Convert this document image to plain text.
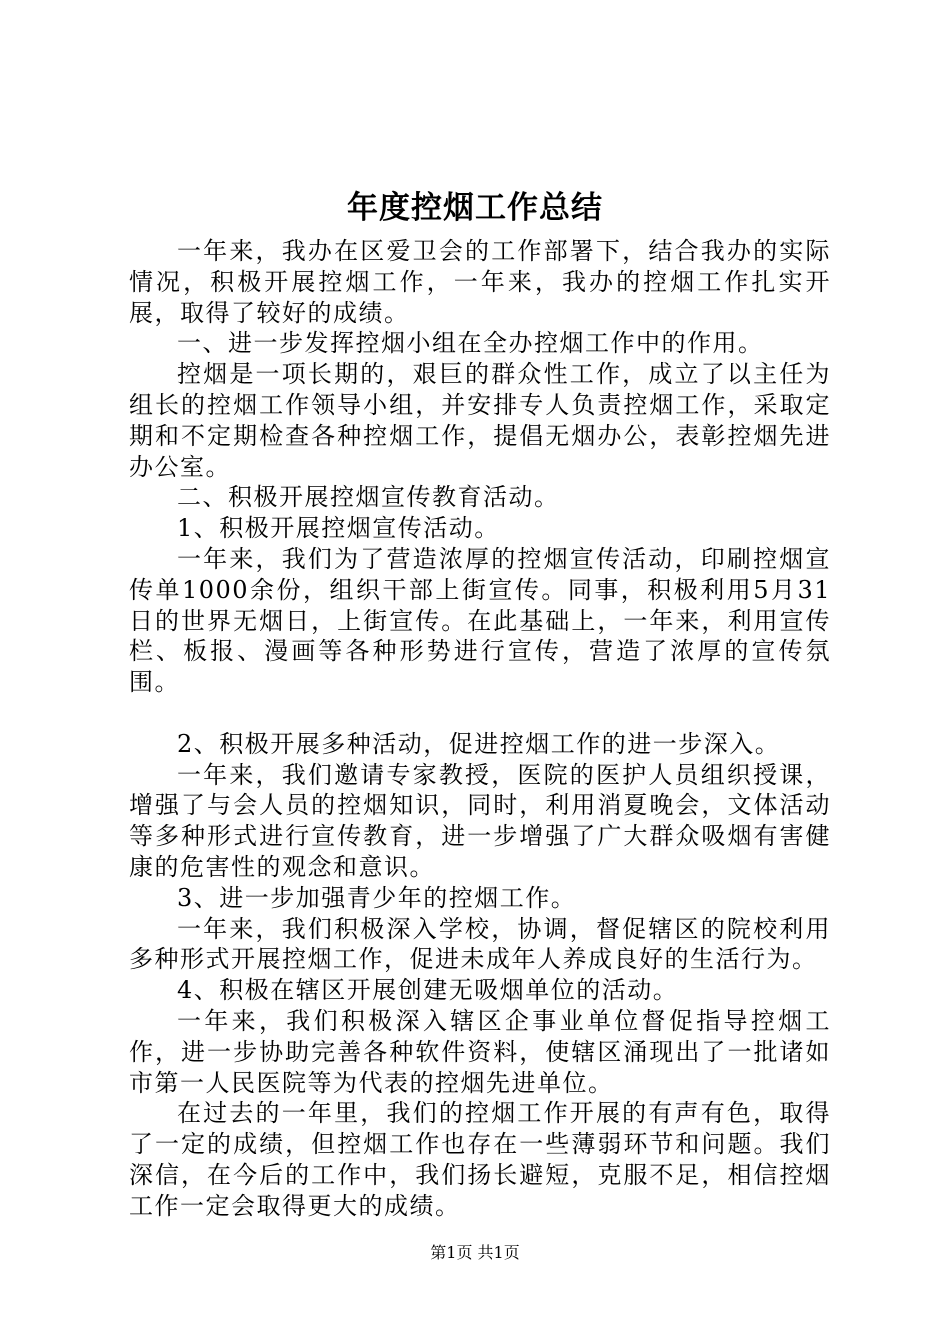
年度控烟工作总结

一年来，我办在区爱卫会的工作部署下，结合我办的实际情况，积极开展控烟工作，一年来，我办的控烟工作扎实开展，取得了较好的成绩。

一、进一步发挥控烟小组在全办控烟工作中的作用。

控烟是一项长期的，艰巨的群众性工作，成立了以主任为组长的控烟工作领导小组，并安排专人负责控烟工作，采取定期和不定期检查各种控烟工作，提倡无烟办公，表彰控烟先进办公室。

二、积极开展控烟宣传教育活动。

1、积极开展控烟宣传活动。

一年来，我们为了营造浓厚的控烟宣传活动，印刷控烟宣传单1000余份，组织干部上街宣传。同事，积极利用5月31日的世界无烟日，上街宣传。在此基础上，一年来，利用宣传栏、板报、漫画等各种形势进行宣传，营造了浓厚的宣传氛围。

2、积极开展多种活动，促进控烟工作的进一步深入。

一年来，我们邀请专家教授，医院的医护人员组织授课，增强了与会人员的控烟知识，同时，利用消夏晚会，文体活动等多种形式进行宣传教育，进一步增强了广大群众吸烟有害健康的危害性的观念和意识。

3、进一步加强青少年的控烟工作。

一年来，我们积极深入学校，协调，督促辖区的院校利用多种形式开展控烟工作，促进未成年人养成良好的生活行为。

4、积极在辖区开展创建无吸烟单位的活动。

一年来，我们积极深入辖区企事业单位督促指导控烟工作，进一步协助完善各种软件资料，使辖区涌现出了一批诸如市第一人民医院等为代表的控烟先进单位。

在过去的一年里，我们的控烟工作开展的有声有色，取得了一定的成绩，但控烟工作也存在一些薄弱环节和问题。我们深信，在今后的工作中，我们扬长避短，克服不足，相信控烟工作一定会取得更大的成绩。

第1页 共1页
